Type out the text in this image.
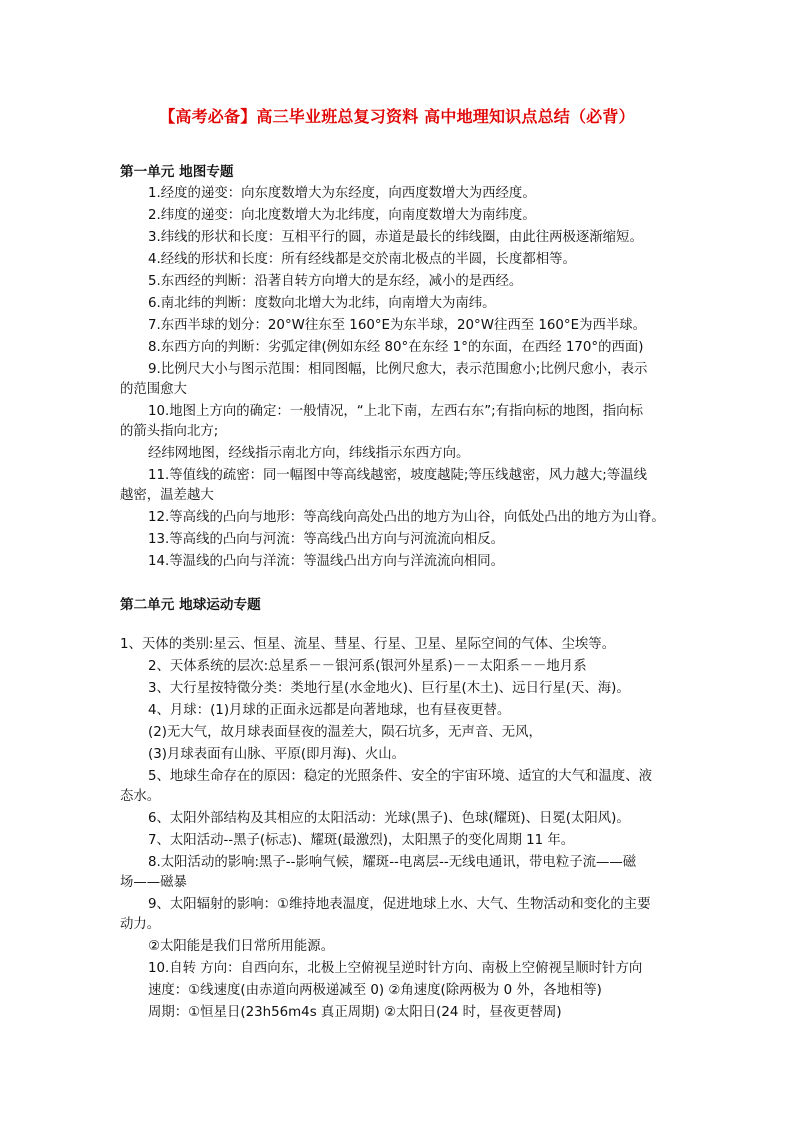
【高考必备】高三毕业班总复习资料 高中地理知识点总结（必背）
第一单元 地图专题
1.经度的递变：向东度数增大为东经度，向西度数增大为西经度。
2.纬度的递变：向北度数增大为北纬度，向南度数增大为南纬度。
3.纬线的形状和长度：互相平行的圆，赤道是最长的纬线圈，由此往两极逐渐缩短。
4.经线的形状和长度：所有经线都是交於南北极点的半圆，长度都相等。
5.东西经的判断：沿著自转方向增大的是东经，减小的是西经。
6.南北纬的判断：度数向北增大为北纬，向南增大为南纬。
7.东西半球的划分：20°W往东至 160°E为东半球，20°W往西至 160°E为西半球。
8.东西方向的判断：劣弧定律(例如东经 80°在东经 1°的东面，在西经 170°的西面)
9.比例尺大小与图示范围：相同图幅，比例尺愈大，表示范围愈小;比例尺愈小，表示
的范围愈大
10.地图上方向的确定：一般情况，“上北下南，左西右东”;有指向标的地图，指向标
的箭头指向北方;
经纬网地图，经线指示南北方向，纬线指示东西方向。
11.等值线的疏密：同一幅图中等高线越密，坡度越陡;等压线越密，风力越大;等温线
越密，温差越大
12.等高线的凸向与地形：等高线向高处凸出的地方为山谷，向低处凸出的地方为山脊。
13.等高线的凸向与河流：等高线凸出方向与河流流向相反。
14.等温线的凸向与洋流：等温线凸出方向与洋流流向相同。
第二单元 地球运动专题
1、天体的类别:星云、恒星、流星、彗星、行星、卫星、星际空间的气体、尘埃等。
2、天体系统的层次:总星系－－银河系(银河外星系)－－太阳系－－地月系
3、大行星按特徵分类：类地行星(水金地火)、巨行星(木土)、远日行星(天、海)。
4、月球：(1)月球的正面永远都是向著地球，也有昼夜更替。
(2)无大气，故月球表面昼夜的温差大，陨石坑多，无声音、无风，
(3)月球表面有山脉、平原(即月海)、火山。
5、地球生命存在的原因：稳定的光照条件、安全的宇宙环境、适宜的大气和温度、液
态水。
6、太阳外部结构及其相应的太阳活动：光球(黑子)、色球(耀斑)、日冕(太阳风)。
7、太阳活动--黑子(标志)、耀斑(最激烈)，太阳黑子的变化周期 11 年。
8.太阳活动的影响:黑子--影响气候，耀斑--电离层--无线电通讯，带电粒子流——磁
场——磁暴
9、太阳辐射的影响：①维持地表温度，促进地球上水、大气、生物活动和变化的主要
动力。
②太阳能是我们日常所用能源。
10.自转 方向：自西向东，北极上空俯视呈逆时针方向、南极上空俯视呈顺时针方向
速度：①线速度(由赤道向两极递减至 0) ②角速度(除两极为 0 外，各地相等)
周期：①恒星日(23h56m4s 真正周期) ②太阳日(24 时，昼夜更替周)
